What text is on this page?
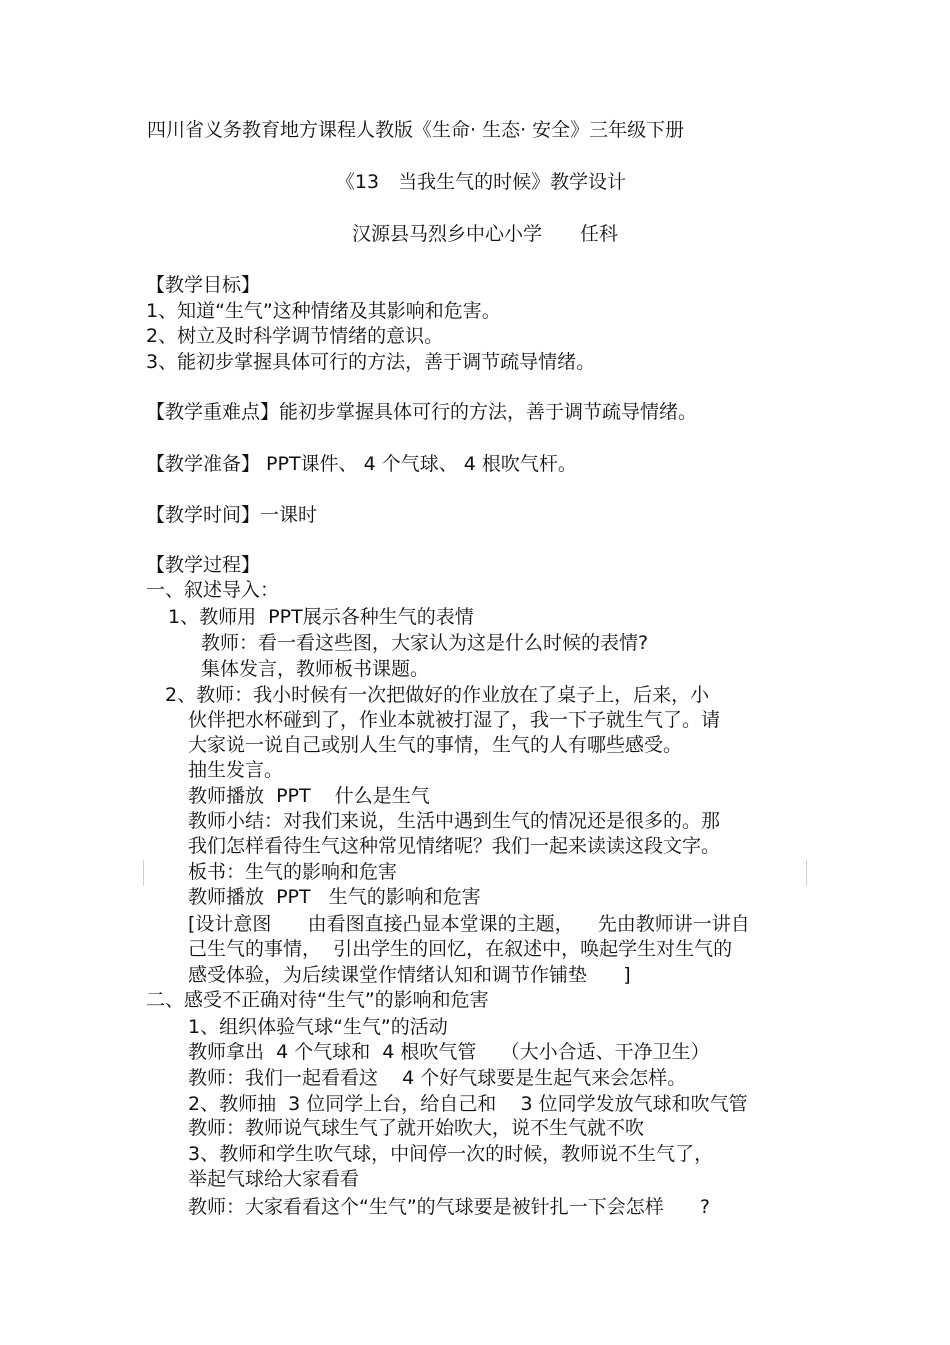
四川省义务教育地方课程人教版《生命· 生态· 安全》三年级下册
《13　当我生气的时候》教学设计
汉源县马烈乡中心小学　　任科
【教学目标】
1、知道“生气”这种情绪及其影响和危害。
2、树立及时科学调节情绪的意识。
3、能初步掌握具体可行的方法，善于调节疏导情绪。
【教学重难点】能初步掌握具体可行的方法，善于调节疏导情绪。
【教学准备】 PPT课件、 4 个气球、 4 根吹气杆。
【教学时间】一课时
【教学过程】
一、叙述导入：
1、教师用  PPT展示各种生气的表情
教师：看一看这些图，大家认为这是什么时候的表情?
集体发言，教师板书课题。
2、教师：我小时候有一次把做好的作业放在了桌子上，后来，小
伙伴把水杯碰到了，作业本就被打湿了，我一下子就生气了。请
大家说一说自己或别人生气的事情，生气的人有哪些感受。
抽生发言。
教师播放  PPT    什么是生气
教师小结：对我们来说，生活中遇到生气的情况还是很多的。那
我们怎样看待生气这种常见情绪呢？我们一起来读读这段文字。
板书：生气的影响和危害
教师播放  PPT   生气的影响和危害
[设计意图      由看图直接凸显本堂课的主题，    先由教师讲一讲自
己生气的事情，  引出学生的回忆，在叙述中，唤起学生对生气的
感受体验，为后续课堂作情绪认知和调节作铺垫      ]
二、感受不正确对待“生气”的影响和危害
1、组织体验气球“生气”的活动
教师拿出  4 个气球和  4 根吹气管    （大小合适、干净卫生）
教师：我们一起看看这    4 个好气球要是生起气来会怎样。
2、教师抽  3 位同学上台，给自己和    3 位同学发放气球和吹气管
教师：教师说气球生气了就开始吹大，说不生气就不吹
3、教师和学生吹气球，中间停一次的时候，教师说不生气了，
举起气球给大家看看
教师：大家看看这个“生气”的气球要是被针扎一下会怎样      ?
